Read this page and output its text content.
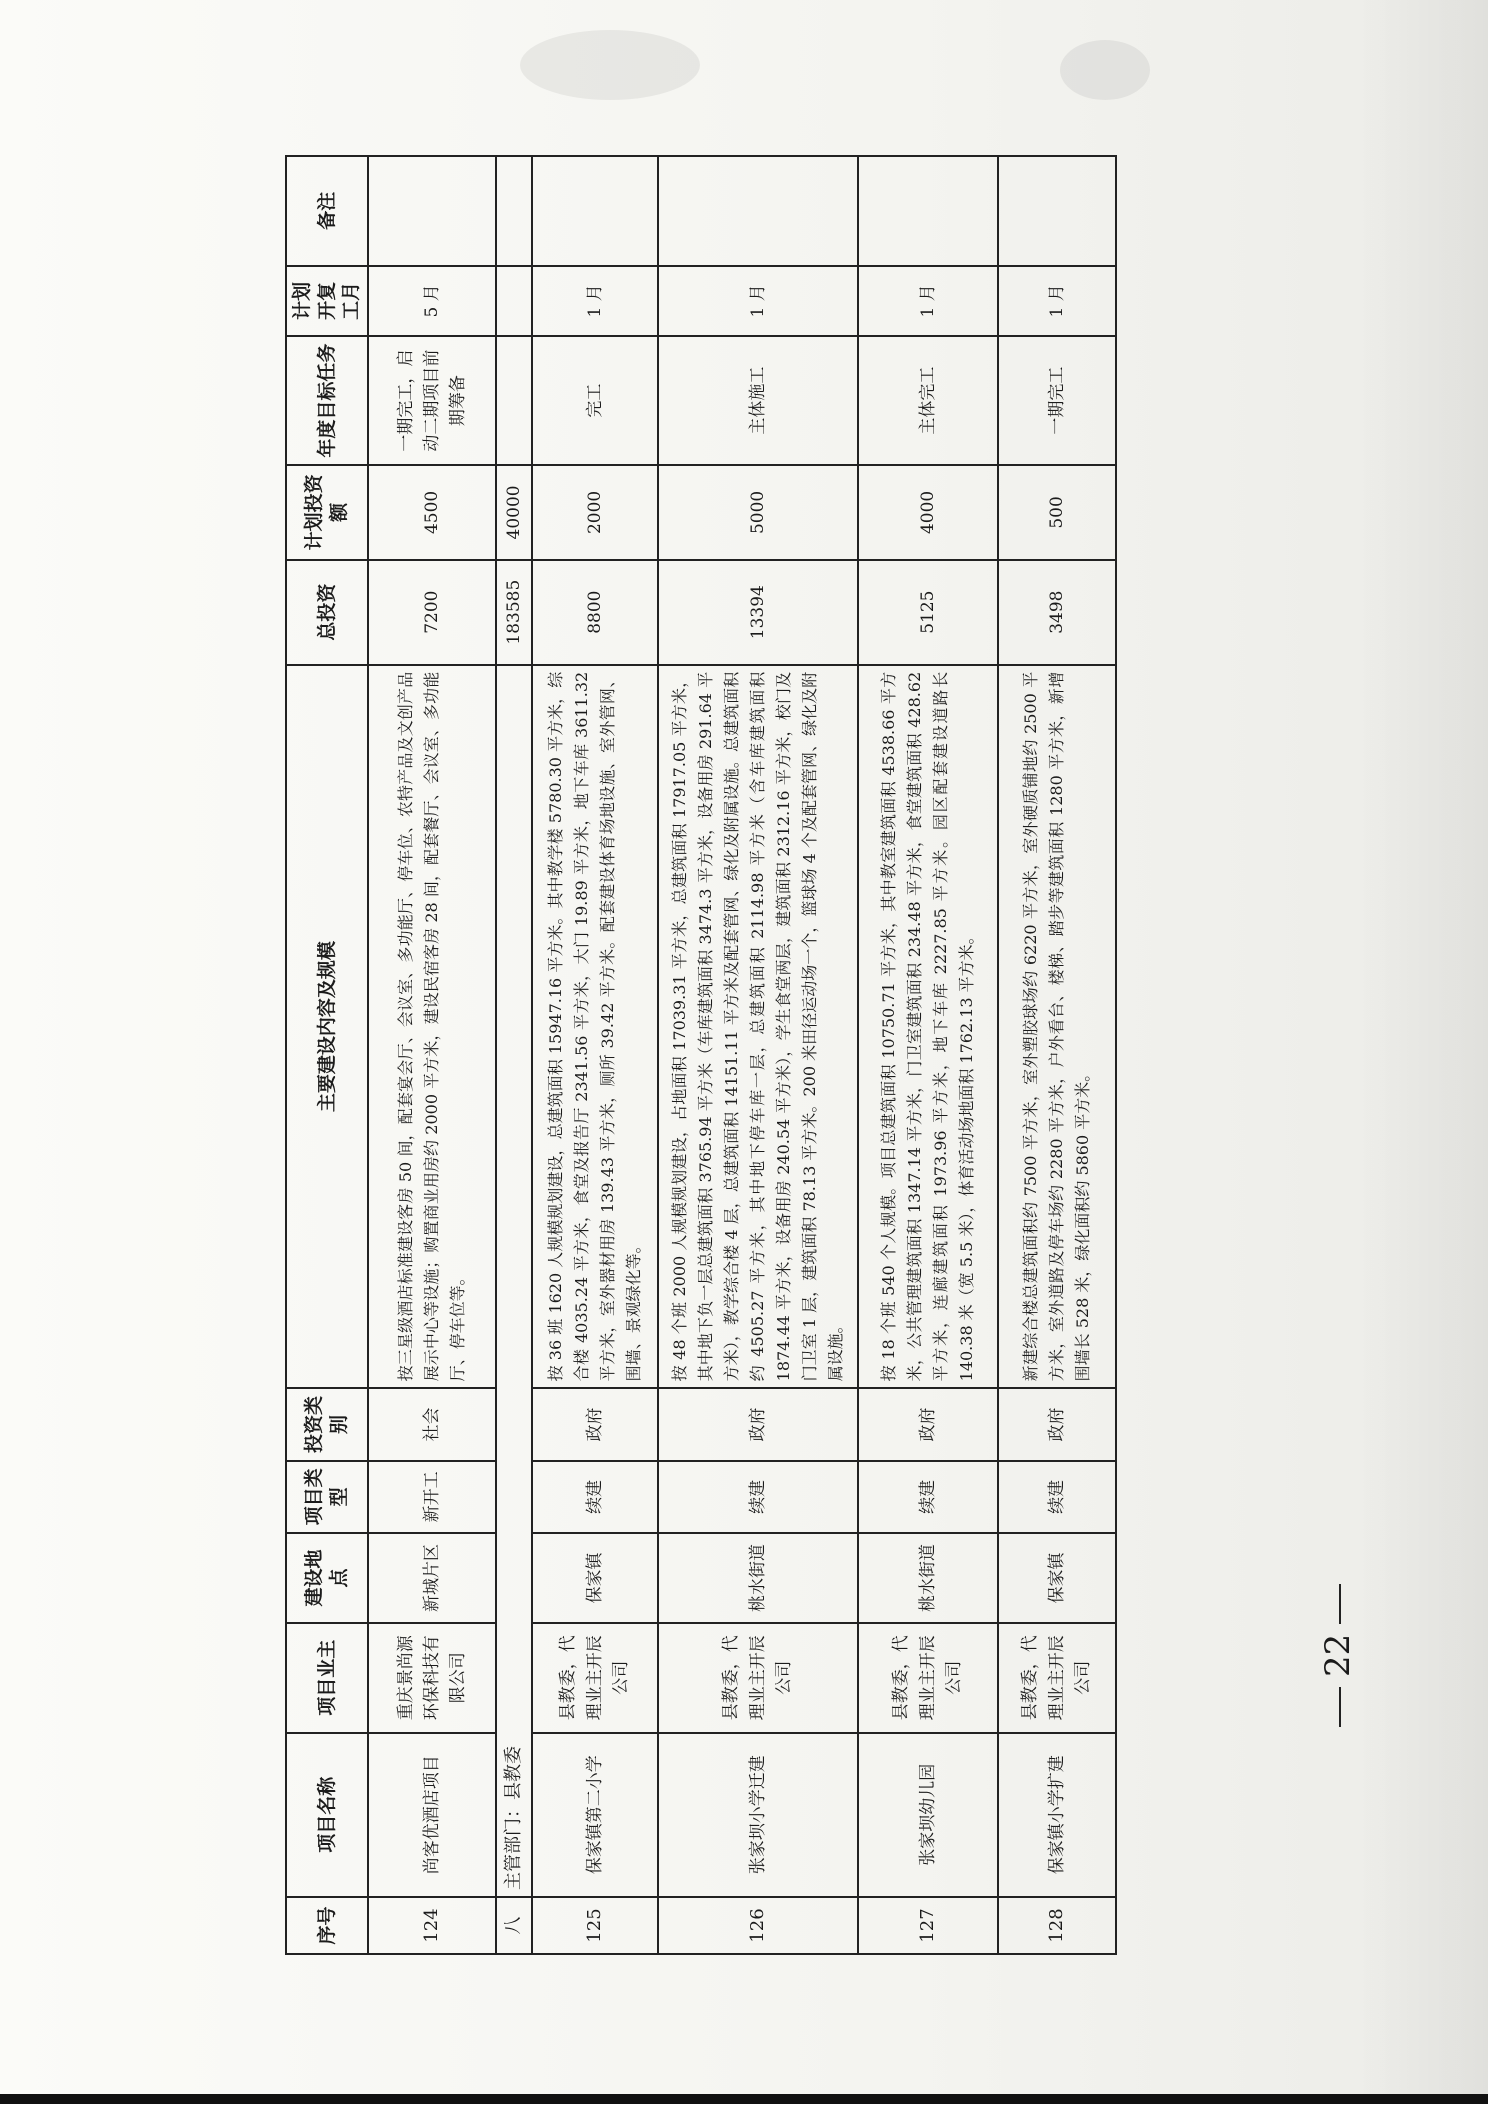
序号	项目名称	项目业主	建设地点	项目类型	投资类别	主要建设内容及规模	总投资	计划投资额	年度目标任务	计划开复工月	备注
124	尚客优酒店项目	重庆景尚源环保科技有限公司	新城片区	新开工	社会	按三星级酒店标准建设客房 50 间，配套宴会厅、会议室、多功能厅、停车位、农特产品及文创产品展示中心等设施；购置商业用房约 2000 平方米，建设民宿客房 28 间，配套餐厅、会议室、多功能厅、停车位等。	7200	4500	一期完工，启动二期项目前期筹备	5 月	
八	主管部门：县教委						183585	40000			
125	保家镇第二小学	县教委，代理业主开辰公司	保家镇	续建	政府	按 36 班 1620 人规模规划建设，总建筑面积 15947.16 平方米。其中教学楼 5780.30 平方米，综合楼 4035.24 平方米，食堂及报告厅 2341.56 平方米，大门 19.89 平方米，地下车库 3611.32 平方米，室外器材用房 139.43 平方米，厕所 39.42 平方米。配套建设体育场地设施、室外管网、围墙、景观绿化等。	8800	2000	完工	1 月	
126	张家坝小学迁建	县教委，代理业主开辰公司	桃水街道	续建	政府	按 48 个班 2000 人规模规划建设，占地面积 17039.31 平方米，总建筑面积 17917.05 平方米，其中地下负一层总建筑面积 3765.94 平方米（车库建筑面积 3474.3 平方米，设备用房 291.64 平方米），教学综合楼 4 层，总建筑面积 14151.11 平方米及配套管网、绿化及附属设施。总建筑面积约 4505.27 平方米，其中地下停车库一层，总建筑面积 2114.98 平方米（含车库建筑面积 1874.44 平方米，设备用房 240.54 平方米），学生食堂两层，建筑面积 2312.16 平方米，校门及门卫室 1 层，建筑面积 78.13 平方米。200 米田径运动场一个，篮球场 4 个及配套管网、绿化及附属设施。	13394	5000	主体施工	1 月	
127	张家坝幼儿园	县教委，代理业主开辰公司	桃水街道	续建	政府	按 18 个班 540 个人规模。项目总建筑面积 10750.71 平方米，其中教室建筑面积 4538.66 平方米，公共管理建筑面积 1347.14 平方米，门卫室建筑面积 234.48 平方米，食堂建筑面积 428.62 平方米，连廊建筑面积 1973.96 平方米，地下车库 2227.85 平方米。园区配套建设道路长 140.38 米（宽 5.5 米），体育活动场地面积 1762.13 平方米。	5125	4000	主体完工	1 月	
128	保家镇小学扩建	县教委，代理业主开辰公司	保家镇	续建	政府	新建综合楼总建筑面积约 7500 平方米，室外塑胶球场约 6220 平方米，室外硬质铺地约 2500 平方米，室外道路及停车场约 2280 平方米，户外看台、楼梯、踏步等建筑面积 1280 平方米，新增围墙长 528 米，绿化面积约 5860 平方米。	3498	500	一期完工	1 月	
22
